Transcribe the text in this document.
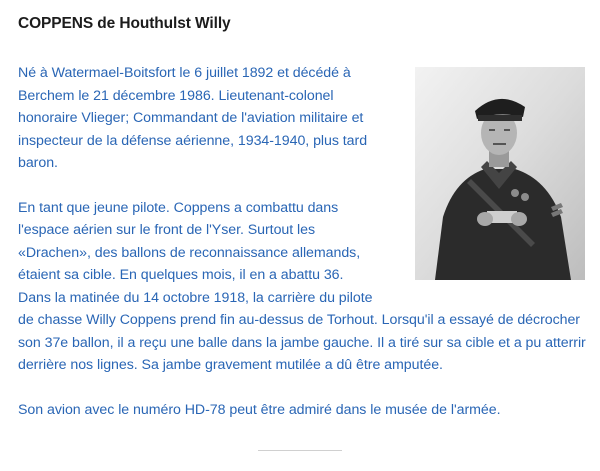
COPPENS de Houthulst Willy
Né à Watermael-Boitsfort le 6 juillet 1892 et décédé à Berchem le 21 décembre 1986. Lieutenant-colonel honoraire Vlieger; Commandant de l'aviation militaire et inspecteur de la défense aérienne, 1934-1940, plus tard baron.
En tant que jeune pilote. Coppens a combattu dans l'espace aérien sur le front de l'Yser. Surtout les «Drachen», des ballons de reconnaissance allemands, étaient sa cible. En quelques mois, il en a abattu 36.
Dans la matinée du 14 octobre 1918, la carrière du pilote
de chasse Willy Coppens prend fin au-dessus de Torhout. Lorsqu'il a essayé de décrocher son 37e ballon, il a reçu une balle dans la jambe gauche. Il a tiré sur sa cible et a pu atterrir derrière nos lignes. Sa jambe gravement mutilée a dû être amputée.
Son avion avec le numéro HD-78 peut être admiré dans le musée de l'armée.
